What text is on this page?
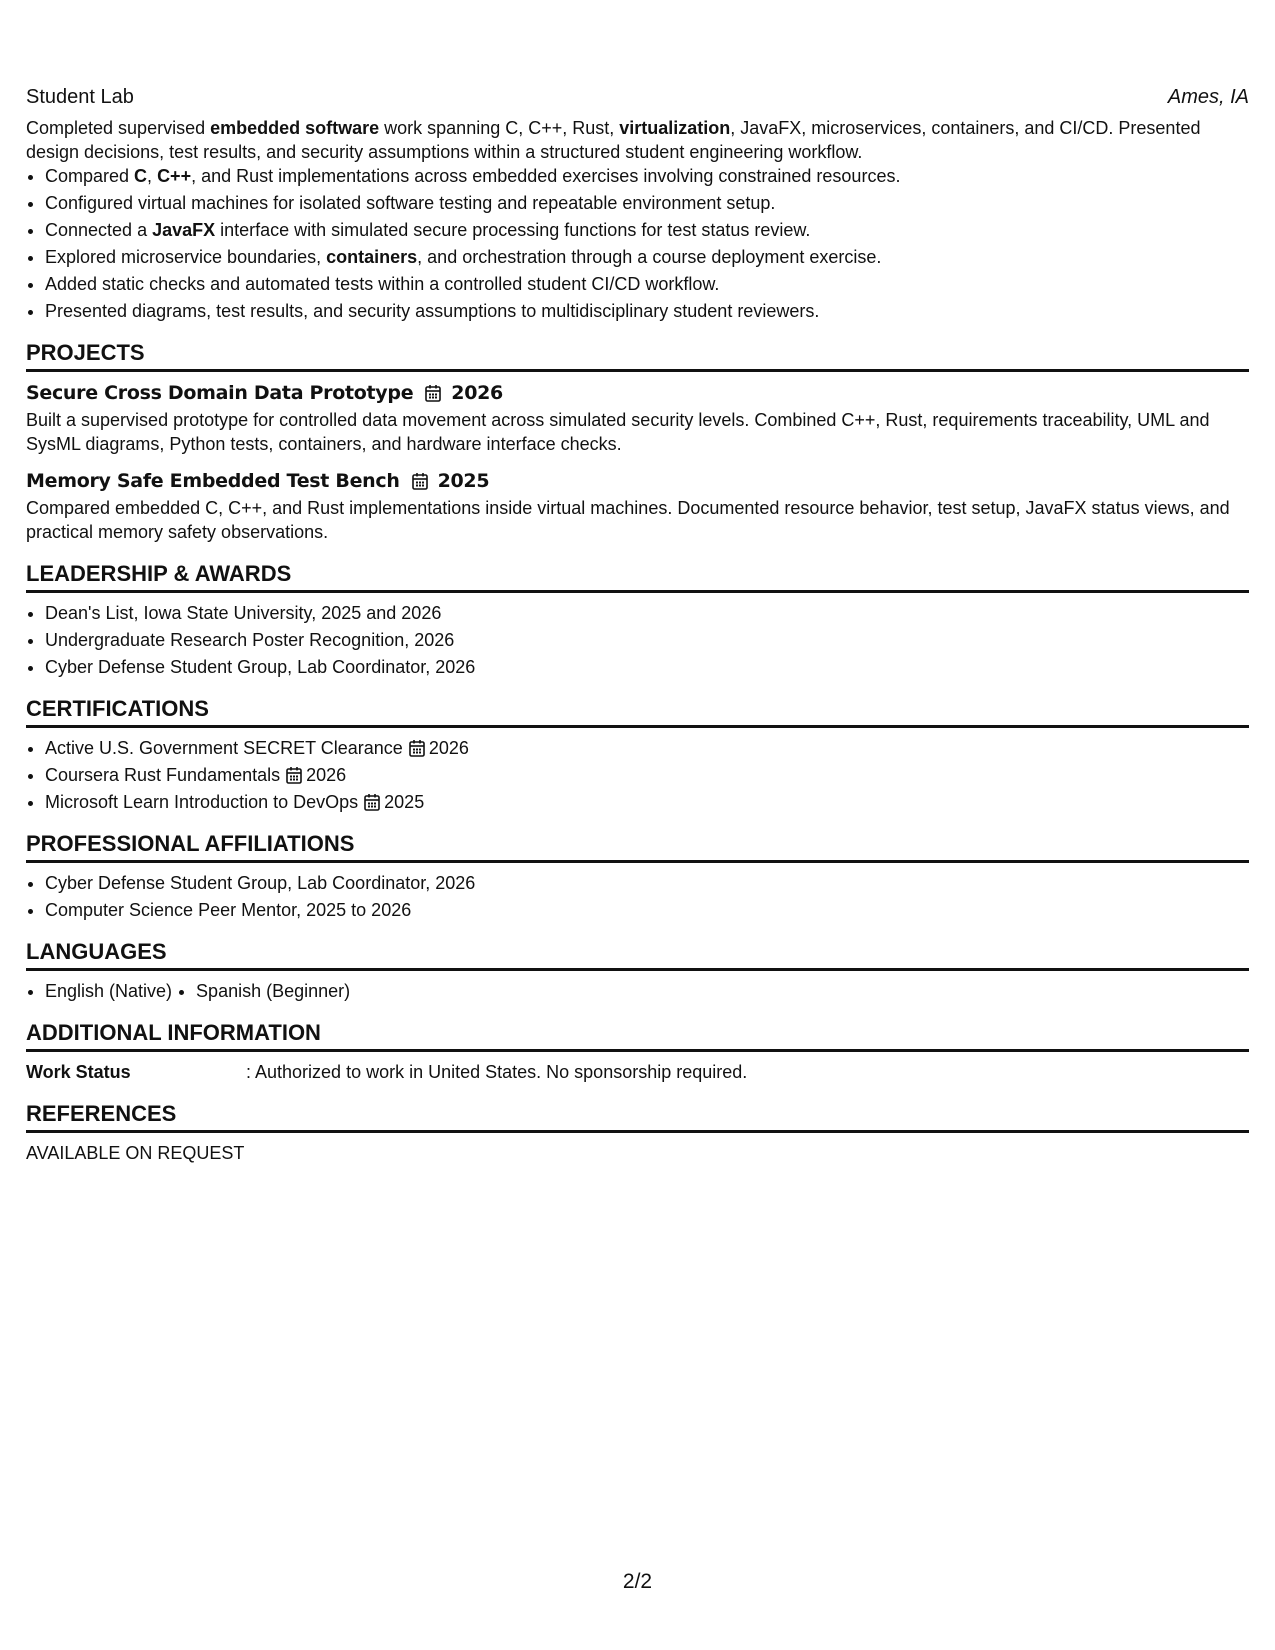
Student Lab	Ames, IA

Completed supervised embedded software work spanning C, C++, Rust, virtualization, JavaFX, microservices, containers, and CI/CD. Presented design decisions, test results, and security assumptions within a structured student engineering workflow.

• Compared C, C++, and Rust implementations across embedded exercises involving constrained resources.
• Configured virtual machines for isolated software testing and repeatable environment setup.
• Connected a JavaFX interface with simulated secure processing functions for test status review.
• Explored microservice boundaries, containers, and orchestration through a course deployment exercise.
• Added static checks and automated tests within a controlled student CI/CD workflow.
• Presented diagrams, test results, and security assumptions to multidisciplinary student reviewers.
PROJECTS
Secure Cross Domain Data Prototype 2026

Built a supervised prototype for controlled data movement across simulated security levels. Combined C++, Rust, requirements traceability, UML and SysML diagrams, Python tests, containers, and hardware interface checks.

Memory Safe Embedded Test Bench 2025

Compared embedded C, C++, and Rust implementations inside virtual machines. Documented resource behavior, test setup, JavaFX status views, and practical memory safety observations.

LEADERSHIP & AWARDS
• Dean's List, Iowa State University, 2025 and 2026
• Undergraduate Research Poster Recognition, 2026
• Cyber Defense Student Group, Lab Coordinator, 2026
CERTIFICATIONS
• Active U.S. Government SECRET Clearance 2026
• Coursera Rust Fundamentals 2026
• Microsoft Learn Introduction to DevOps 2025
PROFESSIONAL AFFILIATIONS
• Cyber Defense Student Group, Lab Coordinator, 2026
• Computer Science Peer Mentor, 2025 to 2026
LANGUAGES
• English (Native)
• Spanish (Beginner)
ADDITIONAL INFORMATION
Work Status	: Authorized to work in United States. No sponsorship required.
REFERENCES
AVAILABLE ON REQUEST
2/2
